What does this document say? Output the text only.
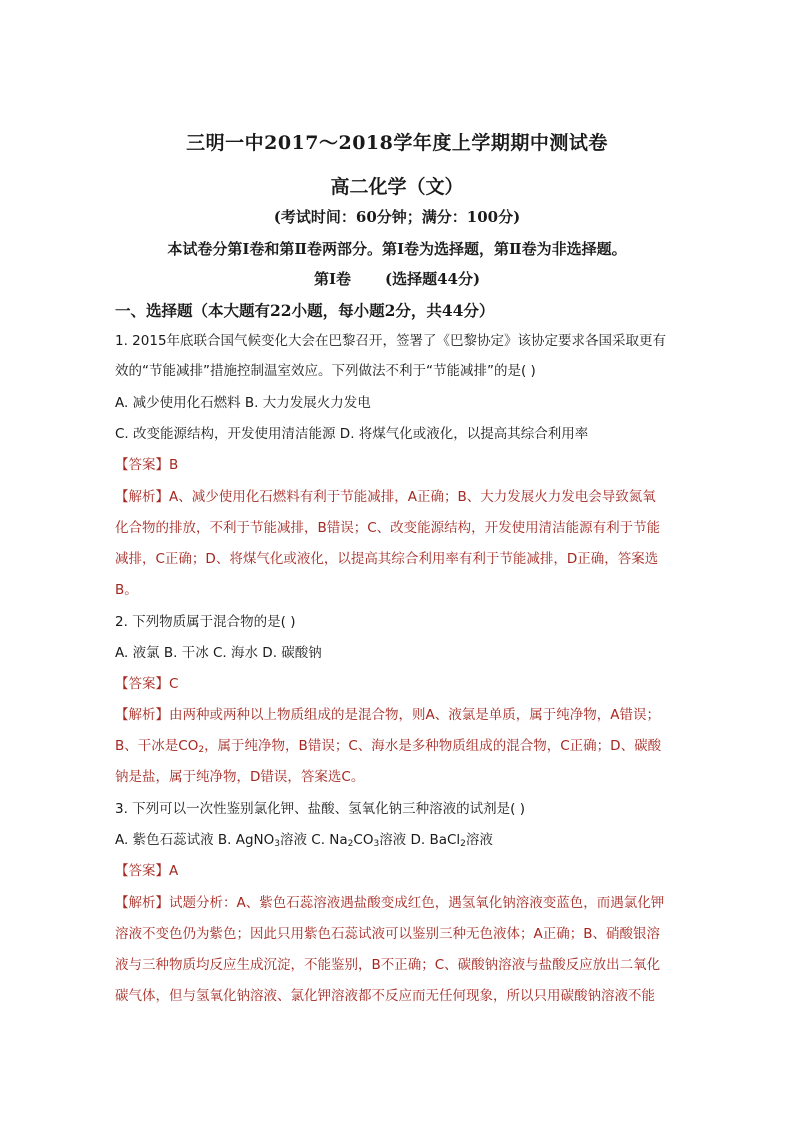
三明一中2017～2018学年度上学期期中测试卷
高二化学（文）
(考试时间：60分钟；满分：100分)
本试卷分第Ⅰ卷和第Ⅱ卷两部分。第Ⅰ卷为选择题，第Ⅱ卷为非选择题。
第Ⅰ卷 (选择题44分)
一、选择题（本大题有22小题，每小题2分，共44分）
1. 2015年底联合国气候变化大会在巴黎召开，签署了《巴黎协定》该协定要求各国采取更有
效的“节能减排”措施控制温室效应。下列做法不利于“节能减排”的是( )
A. 减少使用化石燃料 B. 大力发展火力发电
C. 改变能源结构，开发使用清洁能源 D. 将煤气化或液化，以提高其综合利用率
【答案】B
【解析】A、减少使用化石燃料有利于节能减排，A正确；B、大力发展火力发电会导致氮氧
化合物的排放，不利于节能减排，B错误；C、改变能源结构，开发使用清洁能源有利于节能
减排，C正确；D、将煤气化或液化，以提高其综合利用率有利于节能减排，D正确，答案选
B。
2. 下列物质属于混合物的是( )
A. 液氯 B. 干冰 C. 海水 D. 碳酸钠
【答案】C
【解析】由两种或两种以上物质组成的是混合物，则A、液氯是单质，属于纯净物，A错误；
B、干冰是$CO_2$，属于纯净物，B错误；C、海水是多种物质组成的混合物，C正确；D、碳酸
钠是盐，属于纯净物，D错误，答案选C。
3. 下列可以一次性鉴别氯化钾、盐酸、氢氧化钠三种溶液的试剂是( )
A. 紫色石蕊试液 B. AgNO$_3$溶液 C. $Na_2CO_3$溶液 D. BaCl$_2$溶液
【答案】A
【解析】试题分析：A、紫色石蕊溶液遇盐酸变成红色，遇氢氧化钠溶液变蓝色，而遇氯化钾
溶液不变色仍为紫色；因此只用紫色石蕊试液可以鉴别三种无色液体；A正确；B、硝酸银溶
液与三种物质均反应生成沉淀，不能鉴别，B不正确；C、碳酸钠溶液与盐酸反应放出二氧化
碳气体，但与氢氧化钠溶液、氯化钾溶液都不反应而无任何现象，所以只用碳酸钠溶液不能
